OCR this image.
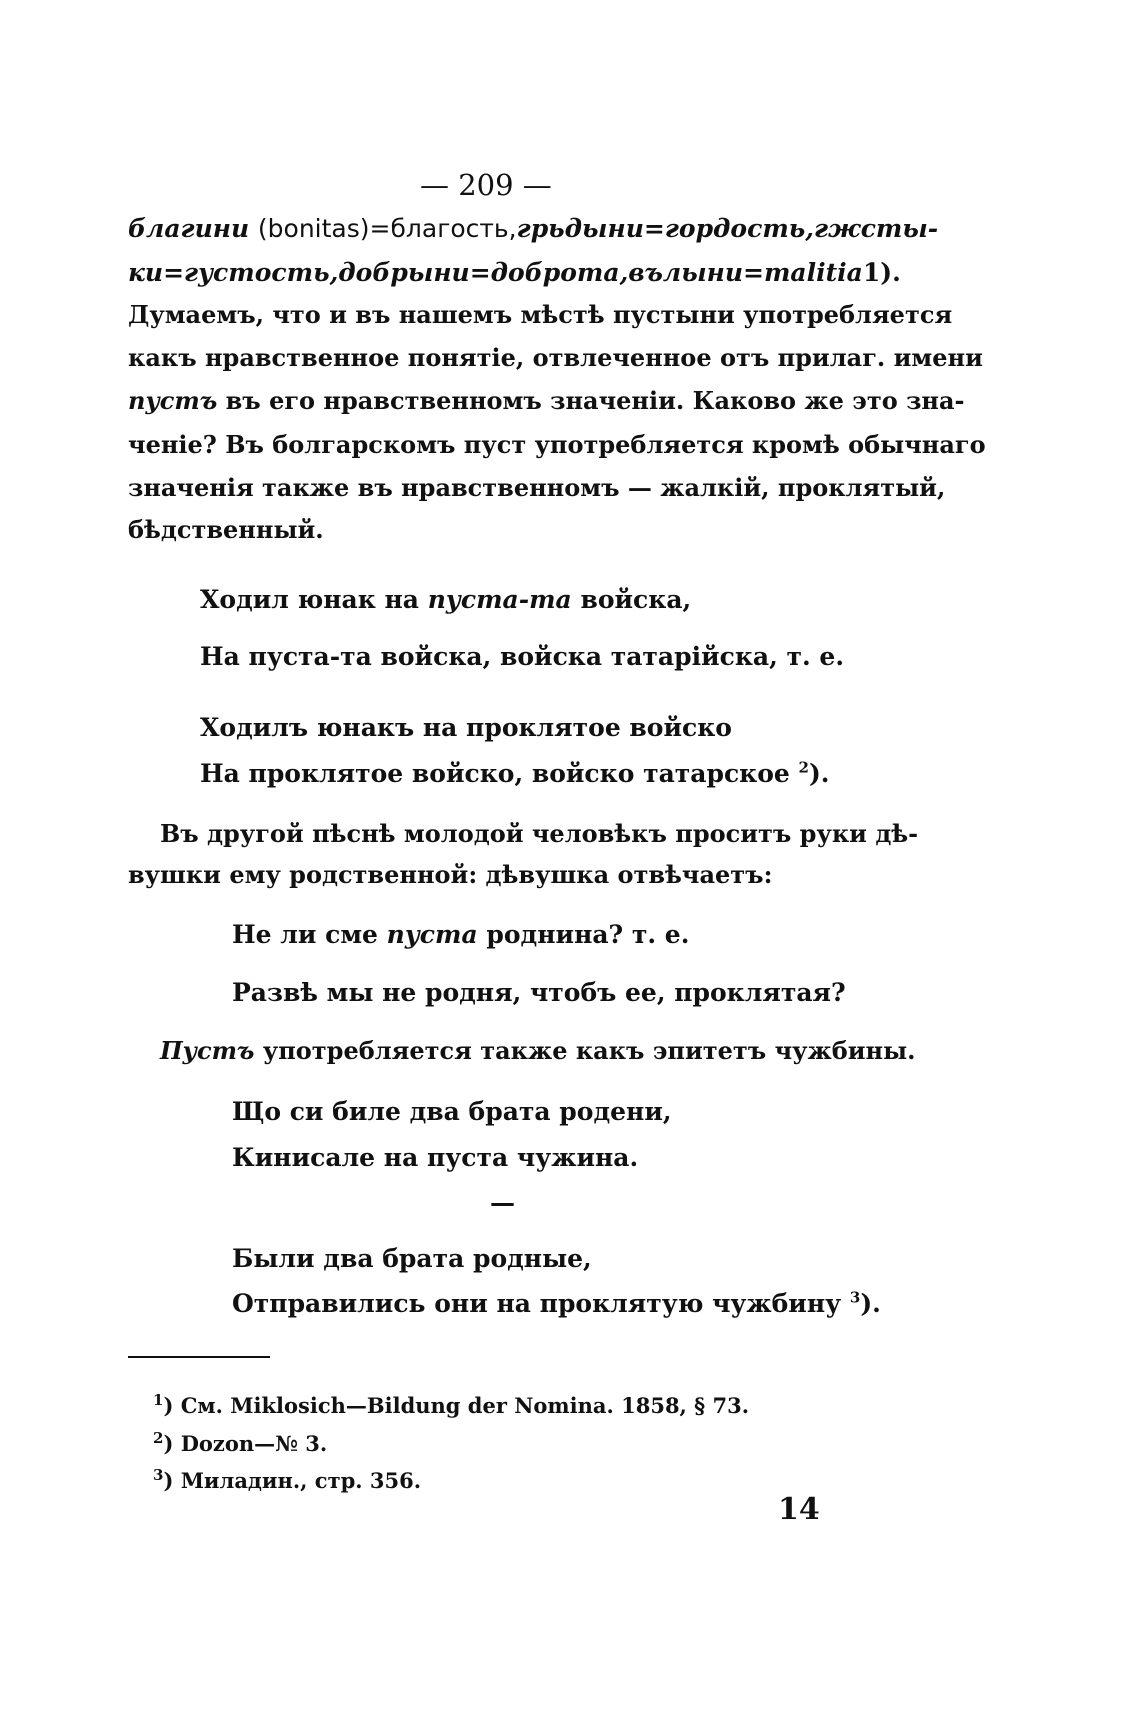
— 209 —
благини (bonitas)=благость, грьдыни=гордость, гжсты-
ки=густость, добрыни=доброта, вълыни=malitia 1).
Думаемъ, что и въ нашемъ мѣстѣ пустыни употребляется
какъ нравственное понятіе, отвлеченное отъ прилаг. имени
пустъ въ его нравственномъ значеніи. Каково же это зна-
ченіе? Въ болгарскомъ пуст употребляется кромѣ обычнаго
значенія также въ нравственномъ — жалкій, проклятый,
бѣдственный.
Ходил юнак на пуста-та войска,
На пуста-та войска, войска татарійска, т. е.
Ходилъ юнакъ на проклятое войско
На проклятое войско, войско татарское $^2$).
Въ другой пѣснѣ молодой человѣкъ проситъ руки дѣ-
вушки ему родственной: дѣвушка отвѣчаетъ:
Не ли сме пуста роднина? т. е.
Развѣ мы не родня, чтобъ ее, проклятая?
Пустъ употребляется также какъ эпитетъ чужбины.
Що си биле два брата родени,
Кинисале на пуста чужина.
—
Были два брата родные,
Отправились они на проклятую чужбину $^3$).
$^1$) См. Miklosich—Bildung der Nomina. 1858, § 73.
$^2$) Dozon—№ 3.
$^3$) Миладин., стр. 356.
14
